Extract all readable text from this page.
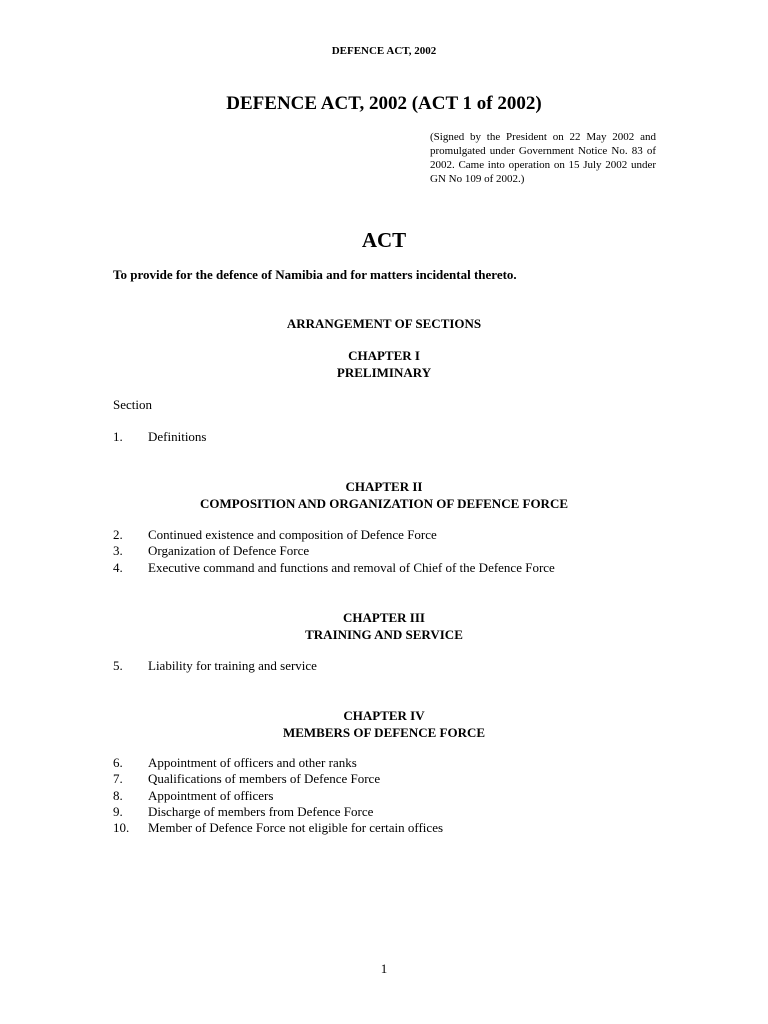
DEFENCE ACT, 2002
DEFENCE ACT, 2002 (ACT 1 of 2002)
(Signed by the President on 22 May 2002 and promulgated under Government Notice No. 83 of 2002. Came into operation on 15 July 2002 under GN No 109 of 2002.)
ACT
To provide for the defence of Namibia and for matters incidental thereto.
ARRANGEMENT OF SECTIONS
CHAPTER I
PRELIMINARY
Section
1.	Definitions
CHAPTER II
COMPOSITION AND ORGANIZATION OF DEFENCE FORCE
2.	Continued existence and composition of Defence Force
3.	Organization of Defence Force
4.	Executive command and functions and removal of Chief of the Defence Force
CHAPTER III
TRAINING AND SERVICE
5.	Liability for training and service
CHAPTER IV
MEMBERS OF DEFENCE FORCE
6.	Appointment of officers and other ranks
7.	Qualifications of members of Defence Force
8.	Appointment of officers
9.	Discharge of members from Defence Force
10.	Member of Defence Force not eligible for certain offices
1
